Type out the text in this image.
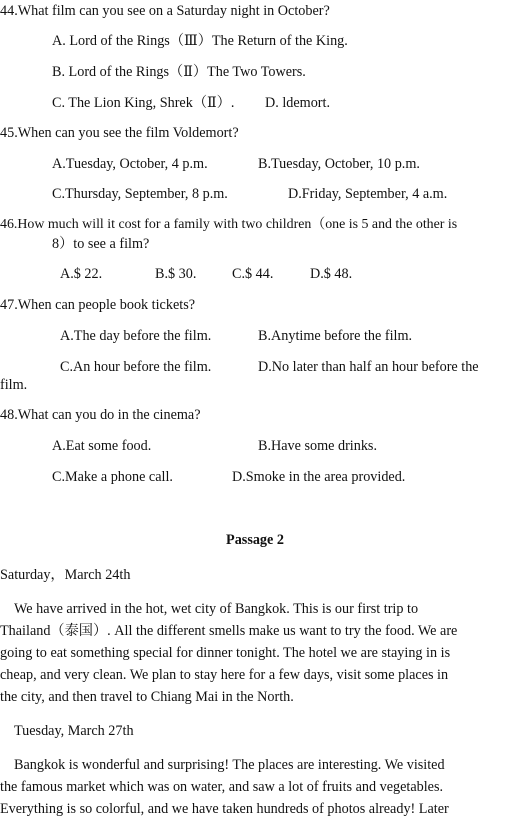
44.What film can you see on a Saturday night in October?
A. Lord of the Rings（Ⅲ）The Return of the King.
B. Lord of the Rings（Ⅱ）The Two Towers.
C. The Lion King, Shrek（Ⅱ）. D. ldemort.
45.When can you see the film Voldemort?
A.Tuesday, October, 4 p.m.	B.Tuesday, October, 10 p.m.
C.Thursday, September, 8 p.m.	D.Friday, September, 4 a.m.
46.How much will it cost for a family with two children（one is 5 and the other is
8）to see a film?
A.$ 22.	B.$ 30.	C.$ 44.	D.$ 48.
47.When can people book tickets?
A.The day before the film.	B.Anytime before the film.
C.An hour before the film.	D.No later than half an hour before the
film.
48.What can you do in the cinema?
A.Eat some food.	B.Have some drinks.
C.Make a phone call.	D.Smoke in the area provided.
Passage 2
Saturday，March 24th
We have arrived in the hot, wet city of Bangkok. This is our first trip to
Thailand（泰国）. All the different smells make us want to try the food. We are
going to eat something special for dinner tonight. The hotel we are staying in is
cheap, and very clean. We plan to stay here for a few days, visit some places in
the city, and then travel to Chiang Mai in the North.
Tuesday, March 27th
Bangkok is wonderful and surprising! The places are interesting. We visited
the famous market which was on water, and saw a lot of fruits and vegetables.
Everything is so colorful, and we have taken hundreds of photos already! Later
